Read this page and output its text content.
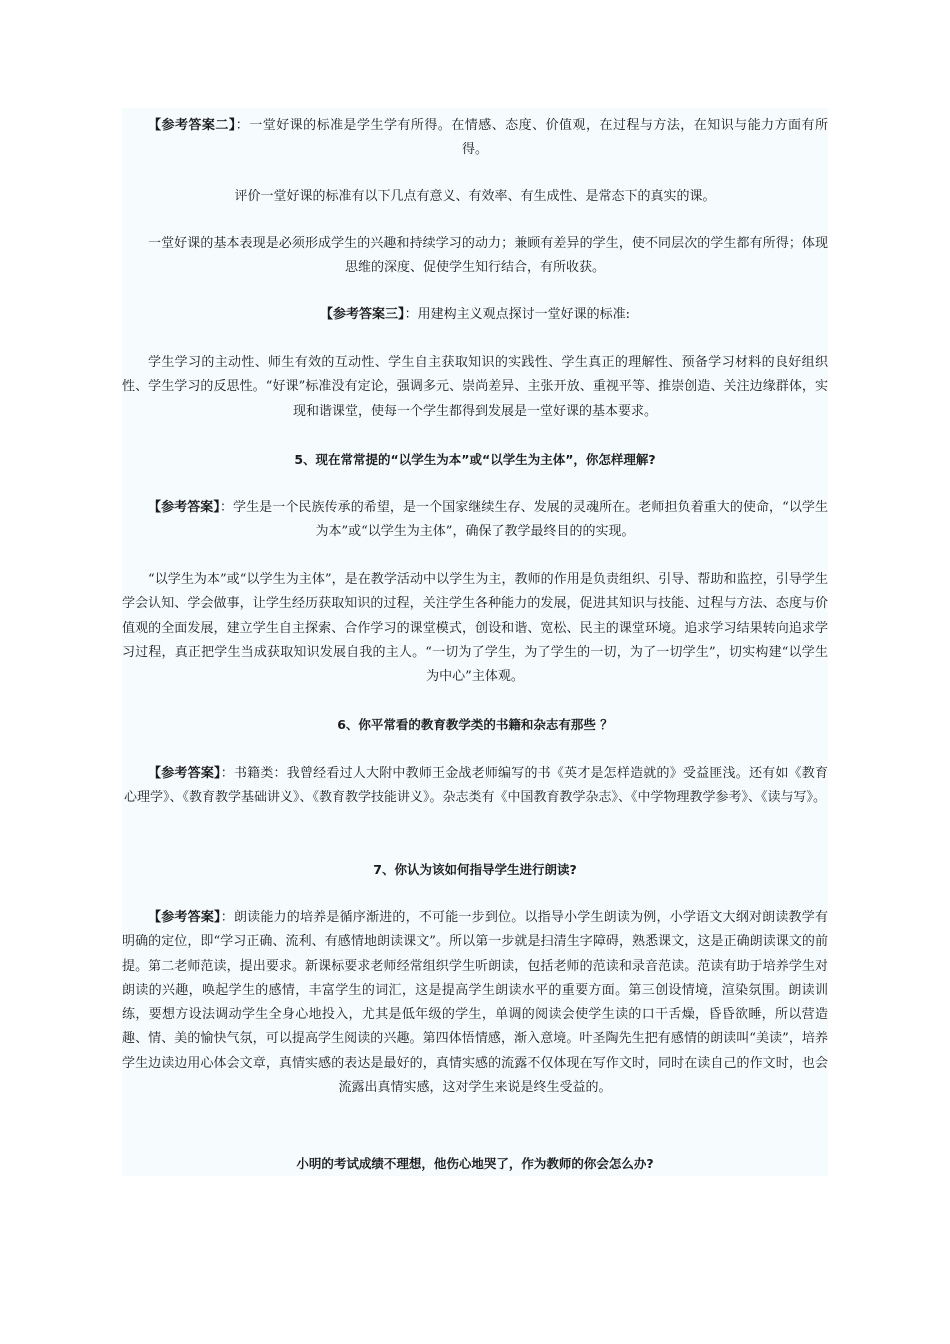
【参考答案二】：一堂好课的标准是学生学有所得。在情感、态度、价值观，在过程与方法，在知识与能力方面有所得。
评价一堂好课的标准有以下几点有意义、有效率、有生成性、是常态下的真实的课。
一堂好课的基本表现是必须形成学生的兴趣和持续学习的动力；兼顾有差异的学生，使不同层次的学生都有所得；体现思维的深度、促使学生知行结合，有所收获。
【参考答案三】：用建构主义观点探讨一堂好课的标准:
学生学习的主动性、师生有效的互动性、学生自主获取知识的实践性、学生真正的理解性、预备学习材料的良好组织性、学生学习的反思性。“好课”标准没有定论，强调多元、崇尚差异、主张开放、重视平等、推崇创造、关注边缘群体，实现和谐课堂，使每一个学生都得到发展是一堂好课的基本要求。
5、现在常常提的“以学生为本”或“以学生为主体”，你怎样理解?
【参考答案】：学生是一个民族传承的希望，是一个国家继续生存、发展的灵魂所在。老师担负着重大的使命，“以学生为本”或“以学生为主体”，确保了教学最终目的的实现。
“以学生为本”或“以学生为主体”，是在教学活动中以学生为主，教师的作用是负责组织、引导、帮助和监控，引导学生学会认知、学会做事，让学生经历获取知识的过程，关注学生各种能力的发展，促进其知识与技能、过程与方法、态度与价值观的全面发展，建立学生自主探索、合作学习的课堂模式，创设和谐、宽松、民主的课堂环境。追求学习结果转向追求学习过程，真正把学生当成获取知识发展自我的主人。“一切为了学生，为了学生的一切，为了一切学生”，切实构建“以学生为中心”主体观。
6、你平常看的教育教学类的书籍和杂志有那些 ？
【参考答案】：书籍类：我曾经看过人大附中教师王金战老师编写的书《英才是怎样造就的》受益匪浅。还有如《教育心理学》、《教育教学基础讲义》、《教育教学技能讲义》。杂志类有《中国教育教学杂志》、《中学物理教学参考》、《读与写》。
7、你认为该如何指导学生进行朗读?
【参考答案】：朗读能力的培养是循序渐进的，不可能一步到位。以指导小学生朗读为例，小学语文大纲对朗读教学有明确的定位，即“学习正确、流利、有感情地朗读课文”。所以第一步就是扫清生字障碍，熟悉课文，这是正确朗读课文的前提。第二老师范读，提出要求。新课标要求老师经常组织学生听朗读，包括老师的范读和录音范读。范读有助于培养学生对朗读的兴趣，唤起学生的感情，丰富学生的词汇，这是提高学生朗读水平的重要方面。第三创设情境，渲染氛围。朗读训练，要想方设法调动学生全身心地投入，尤其是低年级的学生，单调的阅读会使学生读的口干舌燥，昏昏欲睡，所以营造趣、情、美的愉快气氛，可以提高学生阅读的兴趣。第四体悟情感，渐入意境。叶圣陶先生把有感情的朗读叫“美读”，培养学生边读边用心体会文章，真情实感的表达是最好的，真情实感的流露不仅体现在写作文时，同时在读自己的作文时，也会流露出真情实感，这对学生来说是终生受益的。
小明的考试成绩不理想，他伤心地哭了，作为教师的你会怎么办?
